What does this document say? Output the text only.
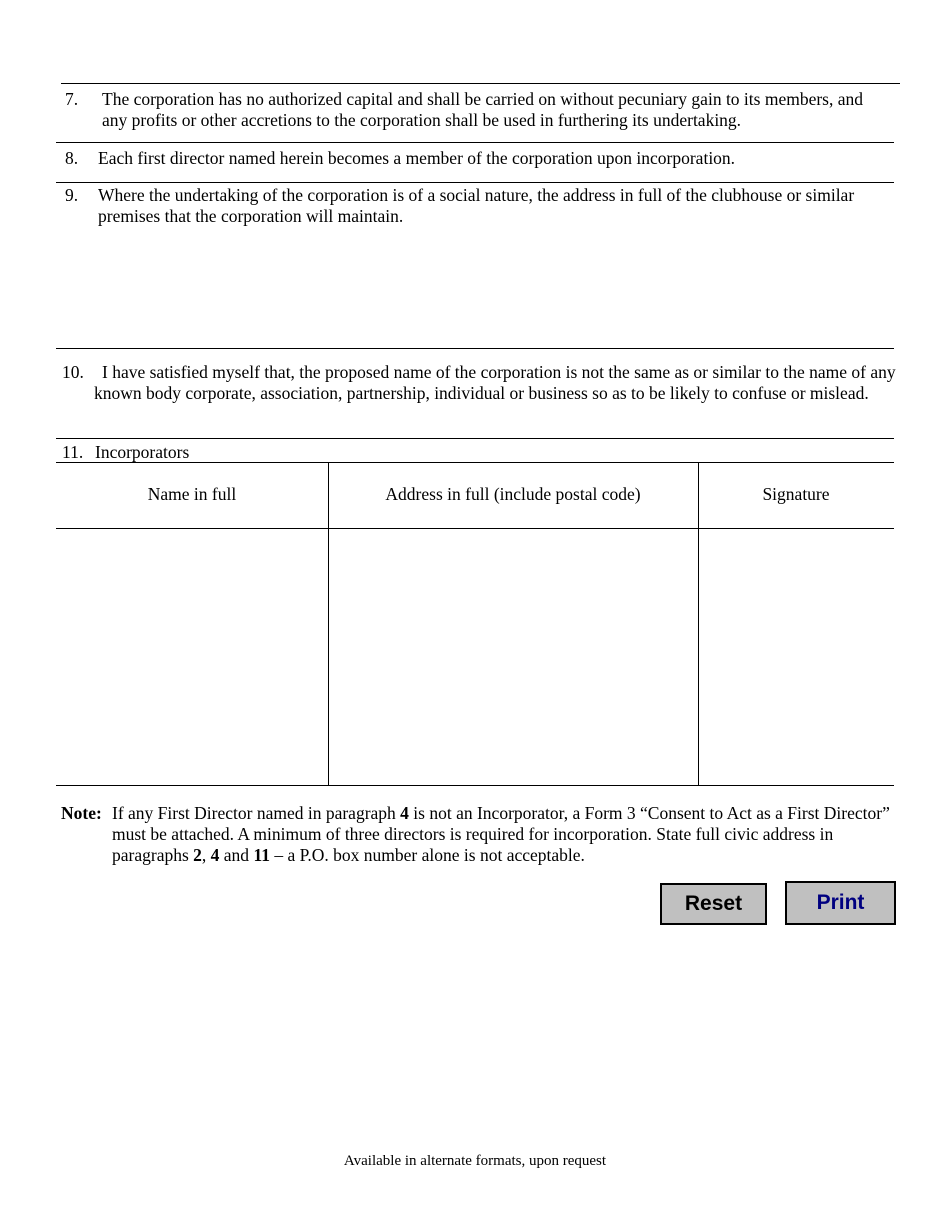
7. The corporation has no authorized capital and shall be carried on without pecuniary gain to its members, and any profits or other accretions to the corporation shall be used in furthering its undertaking.
8. Each first director named herein becomes a member of the corporation upon incorporation.
9. Where the undertaking of the corporation is of a social nature, the address in full of the clubhouse or similar premises that the corporation will maintain.
10.	I have satisfied myself that, the proposed name of the corporation is not the same as or similar to the name of any known body corporate, association, partnership, individual or business so as to be likely to confuse or mislead.
11. Incorporators
Name in full	Address in full (include postal code)	Signature
Note: If any First Director named in paragraph 4 is not an Incorporator, a Form 3 “Consent to Act as a First Director” must be attached. A minimum of three directors is required for incorporation. State full civic address in paragraphs 2, 4 and 11 – a P.O. box number alone is not acceptable.
Reset	Print
Available in alternate formats, upon request
